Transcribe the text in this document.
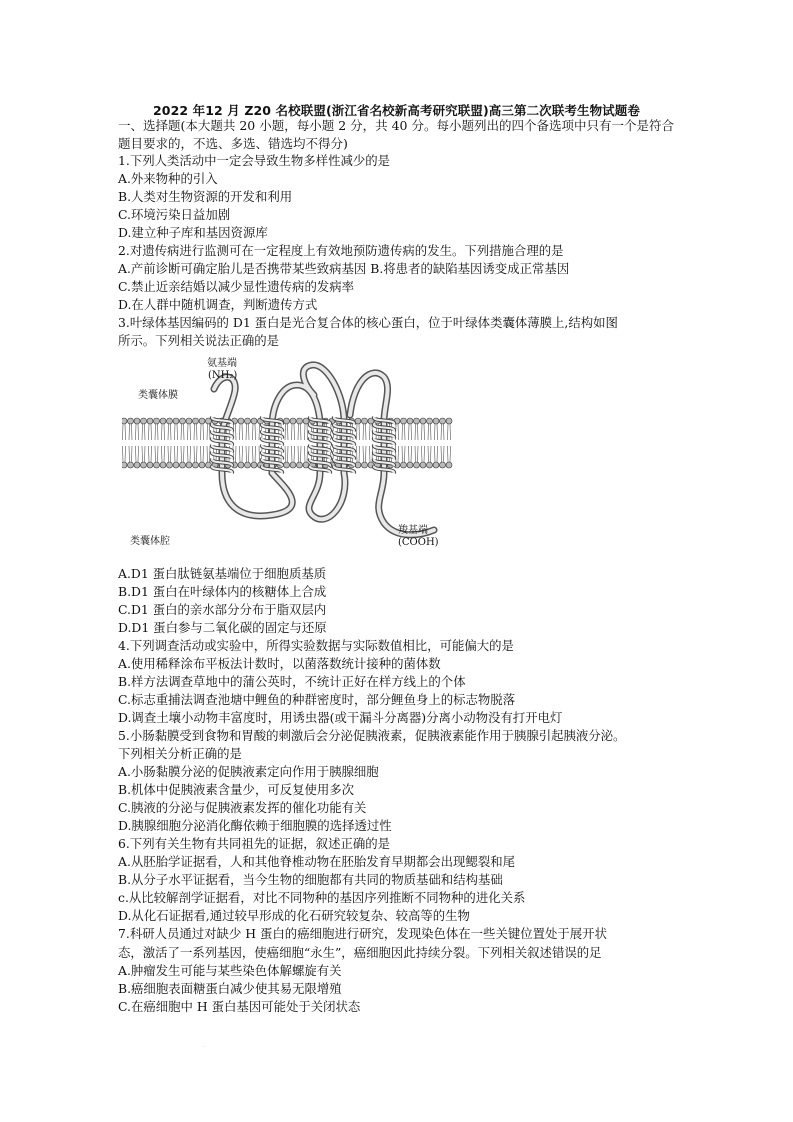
2022 年12 月 Z20 名校联盟(浙江省名校新高考研究联盟)高三第二次联考生物试题卷
一、选择题(本大题共 20 小题，每小题 2 分，共 40 分。每小题列出的四个备选项中只有一个是符合题目要求的，不选、多选、错选均不得分)
1.下列人类活动中一定会导致生物多样性减少的是
A.外来物种的引入
B.人类对生物资源的开发和利用
C.环境污染日益加剧
D.建立种子库和基因资源库
2.对遗传病进行监测可在一定程度上有效地预防遗传病的发生。下列措施合理的是
A.产前诊断可确定胎儿是否携带某些致病基因 B.将患者的缺陷基因诱变成正常基因
C.禁止近亲结婚以减少显性遗传病的发病率
D.在人群中随机调查，判断遗传方式
3.叶绿体基因编码的 D1 蛋白是光合复合体的核心蛋白，位于叶绿体类囊体薄膜上,结构如图
所示。下列相关说法正确的是
氨基端
(NH₂)
类囊体膜
类囊体腔
羧基端
(COOH)
A.D1 蛋白肽链氨基端位于细胞质基质
B.D1 蛋白在叶绿体内的核糖体上合成
C.D1 蛋白的亲水部分分布于脂双层内
D.D1 蛋白参与二氧化碳的固定与还原
4.下列调查活动或实验中，所得实验数据与实际数值相比，可能偏大的是
A.使用稀释涂布平板法计数时，以菌落数统计接种的菌体数
B.样方法调查草地中的蒲公英时，不统计正好在样方线上的个体
C.标志重捕法调查池塘中鲤鱼的种群密度时，部分鲤鱼身上的标志物脱落
D.调查土壤小动物丰富度时，用诱虫器(或干漏斗分离器)分离小动物没有打开电灯
5.小肠黏膜受到食物和胃酸的刺激后会分泌促胰液素，促胰液素能作用于胰腺引起胰液分泌。
下列相关分析正确的是
A.小肠黏膜分泌的促胰液素定向作用于胰腺细胞
B.机体中促胰液素含量少，可反复使用多次
C.胰液的分泌与促胰液素发挥的催化功能有关
D.胰腺细胞分泌消化酶依赖于细胞膜的选择透过性
6.下列有关生物有共同祖先的证据，叙述正确的是
A.从胚胎学证据看，人和其他脊椎动物在胚胎发育早期都会出现鳃裂和尾
B.从分子水平证据看，当今生物的细胞都有共同的物质基础和结构基础
c.从比较解剖学证据看，对比不同物种的基因序列推断不同物种的进化关系
D.从化石证据看,通过较早形成的化石研究较复杂、较高等的生物
7.科研人员通过对缺少 H 蛋白的癌细胞进行研究，发现染色体在一些关键位置处于展开状
态，激活了一系列基因，使癌细胞“永生”，癌细胞因此持续分裂。下列相关叙述错误的足
A.肿瘤发生可能与某些染色体解螺旋有关
B.癌细胞表面糖蛋白减少使其易无限增殖
C.在癌细胞中 H 蛋白基因可能处于关闭状态
.
